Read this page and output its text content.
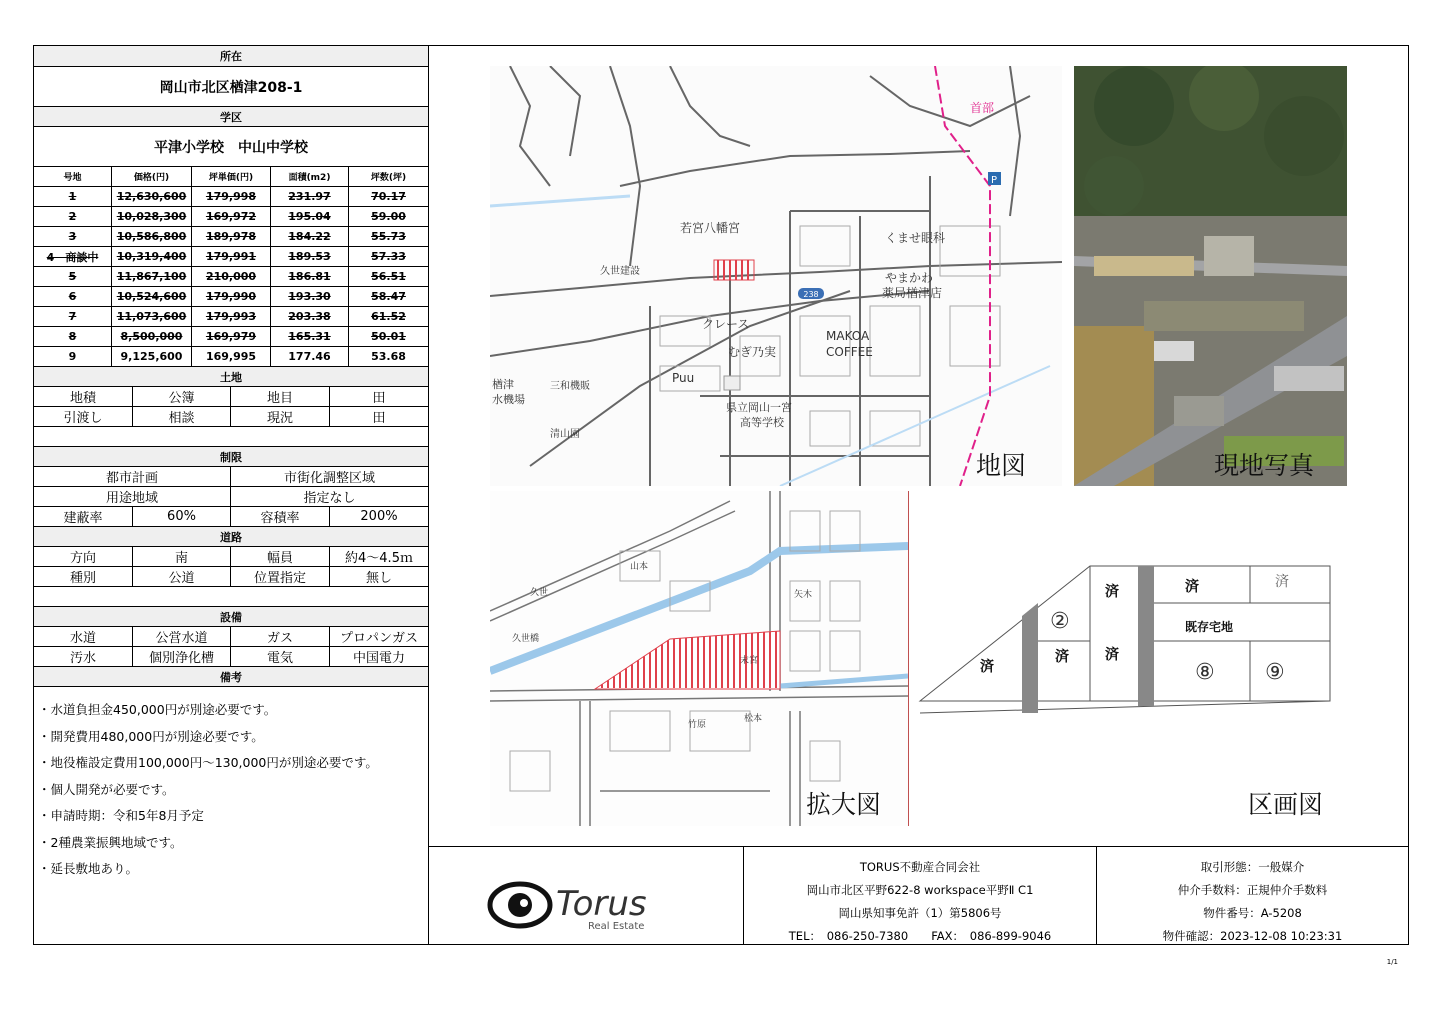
所在
岡山市北区楢津208-1
学区
平津小学校　中山中学校
号地	価格(円)	坪単価(円)	面積(m2)	坪数(坪)
1	12,630,600	179,998	231.97	70.17
2	10,028,300	169,972	195.04	59.00
3	10,586,800	189,978	184.22	55.73
4　商談中	10,319,400	179,991	189.53	57.33
5	11,867,100	210,000	186.81	56.51
6	10,524,600	179,990	193.30	58.47
7	11,073,600	179,993	203.38	61.52
8	8,500,000	169,979	165.31	50.01
9	9,125,600	169,995	177.46	53.68
土地
地積	公簿	地目	田
引渡し	相談	現況	田
制限
都市計画	市街化調整区域
用途地域	指定なし
建蔽率	60%	容積率	200%
道路
方向	南	幅員	約4～4.5ｍ
種別	公道	位置指定	無し
設備
水道	公営水道	ガス	プロパンガス
汚水	個別浄化槽	電気	中国電力
備考
・水道負担金450,000円が別途必要です。
・開発費用480,000円が別途必要です。
・地役権設定費用100,000円～130,000円が別途必要です。
・個人開発が必要です。
・申請時期：令和5年8月予定
・2種農業振興地域です。
・延長敷地あり。
238
P
首部
若宮八幡宮
くませ眼科
やまかわ
薬局楢津店
久世建設
クレース
むぎ乃実
MAKOA
COFFEE
三和機販
Puu
県立岡山一宮
高等学校
楢津
水機場
清山園
地図	現地写真
久世
久世橋
山本
竹原
松本
末宮
矢木
拡大図
済	済	済
済
済	済
既存宅地
②
⑧ ⑨
区画図
Torus
Real Estate
TORUS不動産合同会社
岡山市北区平野622-8 workspace平野Ⅱ C1
岡山県知事免許（1）第5806号
TEL：　086-250-7380　　FAX：　086-899-9046
取引形態：一般媒介
仲介手数料：正規仲介手数料
物件番号：A-5208
物件確認：2023-12-08 10:23:31
1/1
